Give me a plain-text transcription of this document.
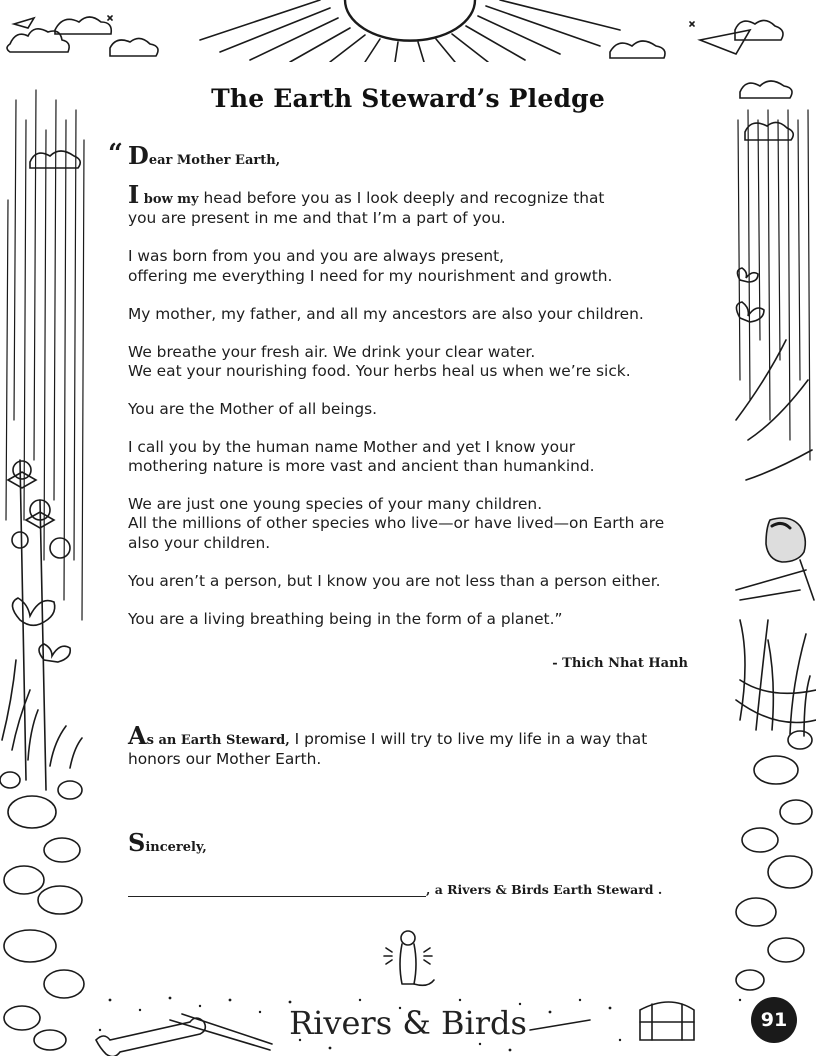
The Earth Steward’s Pledge
“ Dear Mother Earth,

I bow my head before you as I look deeply and recognize that
you are present in me and that I’m a part of you.

I was born from you and you are always present,
offering me everything I need for my nourishment and growth.

My mother, my father, and all my ancestors are also your children.

We breathe your fresh air. We drink your clear water.
We eat your nourishing food. Your herbs heal us when we’re sick.

You are the Mother of all beings.

I call you by the human name Mother and yet I know your
mothering nature is more vast and ancient than humankind.

We are just one young species of your many children.
All the millions of other species who live—or have lived—on Earth are
also your children.

You aren’t a person, but I know you are not less than a person either.

You are a living breathing being in the form of a planet.”

- Thich Nhat Hanh
As an Earth Steward, I promise I will try to live my life in a way that
honors our Mother Earth.
Sincerely,
, a Rivers & Birds Earth Steward .
Rivers & Birds	91
